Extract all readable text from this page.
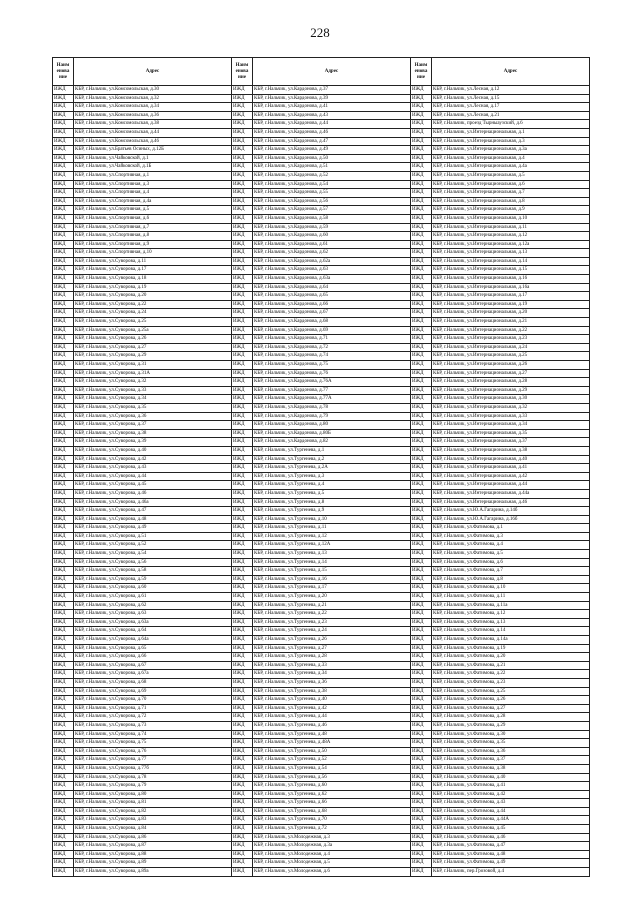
228
Наим енова ние	Адрес	Наим енова ние	Адрес	Наим енова ние	Адрес
ИЖД	КБР, г.Нальчик, ул.Комсомольская, д.30	ИЖД	КБР, г.Нальчик, ул.Кардонова, д.37	ИЖД	КБР, г.Нальчик, ул.Лесная, д.12
ИЖД	КБР, г.Нальчик, ул.Комсомольская, д.32	ИЖД	КБР, г.Нальчик, ул.Кардонова, д.39	ИЖД	КБР, г.Нальчик, ул.Лесная, д.15
ИЖД	КБР, г.Нальчик, ул.Комсомольская, д.34	ИЖД	КБР, г.Нальчик, ул.Кардонова, д.41	ИЖД	КБР, г.Нальчик, ул.Лесная, д.17
ИЖД	КБР, г.Нальчик, ул.Комсомольская, д.36	ИЖД	КБР, г.Нальчик, ул.Кардонова, д.43	ИЖД	КБР, г.Нальчик, ул.Лесная, д.21
ИЖД	КБР, г.Нальчик, ул.Комсомольская, д.38	ИЖД	КБР, г.Нальчик, ул.Кардонова, д.44	ИЖД	КБР, г.Нальчик, проезд Тырныаузский, д.6
ИЖД	КБР, г.Нальчик, ул.Комсомольская, д.44	ИЖД	КБР, г.Нальчик, ул.Кардонова, д.46	ИЖД	КБР, г.Нальчик, ул.Интернациональная, д.1
ИЖД	КБР, г.Нальчик, ул.Комсомольская, д.46	ИЖД	КБР, г.Нальчик, ул.Кардонова, д.47	ИЖД	КБР, г.Нальчик, ул.Интернациональная, д.3
ИЖД	КБР, г.Нальчик, ул.Братьев Осиных, д.12Б	ИЖД	КБР, г.Нальчик, ул.Кардонова, д.49	ИЖД	КБР, г.Нальчик, ул.Интернациональная, д.3а
ИЖД	КБР, г.Нальчик, ул.Чайковской, д.1	ИЖД	КБР, г.Нальчик, ул.Кардонова, д.50	ИЖД	КБР, г.Нальчик, ул.Интернациональная, д.4
ИЖД	КБР, г.Нальчик, ул.Чайковской, д.1Б	ИЖД	КБР, г.Нальчик, ул.Кардонова, д.51	ИЖД	КБР, г.Нальчик, ул.Интернациональная, д.4а
ИЖД	КБР, г.Нальчик, ул.Спортивная, д.1	ИЖД	КБР, г.Нальчик, ул.Кардонова, д.52	ИЖД	КБР, г.Нальчик, ул.Интернациональная, д.5
ИЖД	КБР, г.Нальчик, ул.Спортивная, д.3	ИЖД	КБР, г.Нальчик, ул.Кардонова, д.54	ИЖД	КБР, г.Нальчик, ул.Интернациональная, д.6
ИЖД	КБР, г.Нальчик, ул.Спортивная, д.4	ИЖД	КБР, г.Нальчик, ул.Кардонова, д.55	ИЖД	КБР, г.Нальчик, ул.Интернациональная, д.7
ИЖД	КБР, г.Нальчик, ул.Спортивная, д.4а	ИЖД	КБР, г.Нальчик, ул.Кардонова, д.56	ИЖД	КБР, г.Нальчик, ул.Интернациональная, д.8
ИЖД	КБР, г.Нальчик, ул.Спортивная, д.5	ИЖД	КБР, г.Нальчик, ул.Кардонова, д.57	ИЖД	КБР, г.Нальчик, ул.Интернациональная, д.9
ИЖД	КБР, г.Нальчик, ул.Спортивная, д.6	ИЖД	КБР, г.Нальчик, ул.Кардонова, д.58	ИЖД	КБР, г.Нальчик, ул.Интернациональная, д.10
ИЖД	КБР, г.Нальчик, ул.Спортивная, д.7	ИЖД	КБР, г.Нальчик, ул.Кардонова, д.59	ИЖД	КБР, г.Нальчик, ул.Интернациональная, д.11
ИЖД	КБР, г.Нальчик, ул.Спортивная, д.8	ИЖД	КБР, г.Нальчик, ул.Кардонова, д.60	ИЖД	КБР, г.Нальчик, ул.Интернациональная, д.12
ИЖД	КБР, г.Нальчик, ул.Спортивная, д.9	ИЖД	КБР, г.Нальчик, ул.Кардонова, д.61	ИЖД	КБР, г.Нальчик, ул.Интернациональная, д.12а
ИЖД	КБР, г.Нальчик, ул.Спортивная, д.10	ИЖД	КБР, г.Нальчик, ул.Кардонова, д.62	ИЖД	КБР, г.Нальчик, ул.Интернациональная, д.13
ИЖД	КБР, г.Нальчик, ул.Суворова, д.11	ИЖД	КБР, г.Нальчик, ул.Кардонова, д.62а	ИЖД	КБР, г.Нальчик, ул.Интернациональная, д.14
ИЖД	КБР, г.Нальчик, ул.Суворова, д.17	ИЖД	КБР, г.Нальчик, ул.Кардонова, д.63	ИЖД	КБР, г.Нальчик, ул.Интернациональная, д.15
ИЖД	КБР, г.Нальчик, ул.Суворова, д.18	ИЖД	КБР, г.Нальчик, ул.Кардонова, д.63а	ИЖД	КБР, г.Нальчик, ул.Интернациональная, д.16
ИЖД	КБР, г.Нальчик, ул.Суворова, д.19	ИЖД	КБР, г.Нальчик, ул.Кардонова, д.64	ИЖД	КБР, г.Нальчик, ул.Интернациональная, д.16а
ИЖД	КБР, г.Нальчик, ул.Суворова, д.20	ИЖД	КБР, г.Нальчик, ул.Кардонова, д.65	ИЖД	КБР, г.Нальчик, ул.Интернациональная, д.17
ИЖД	КБР, г.Нальчик, ул.Суворова, д.22	ИЖД	КБР, г.Нальчик, ул.Кардонова, д.66	ИЖД	КБР, г.Нальчик, ул.Интернациональная, д.19
ИЖД	КБР, г.Нальчик, ул.Суворова, д.24	ИЖД	КБР, г.Нальчик, ул.Кардонова, д.67	ИЖД	КБР, г.Нальчик, ул.Интернациональная, д.20
ИЖД	КБР, г.Нальчик, ул.Суворова, д.25	ИЖД	КБР, г.Нальчик, ул.Кардонова, д.68	ИЖД	КБР, г.Нальчик, ул.Интернациональная, д.21
ИЖД	КБР, г.Нальчик, ул.Суворова, д.25а	ИЖД	КБР, г.Нальчик, ул.Кардонова, д.69	ИЖД	КБР, г.Нальчик, ул.Интернациональная, д.22
ИЖД	КБР, г.Нальчик, ул.Суворова, д.26	ИЖД	КБР, г.Нальчик, ул.Кардонова, д.71	ИЖД	КБР, г.Нальчик, ул.Интернациональная, д.23
ИЖД	КБР, г.Нальчик, ул.Суворова, д.27	ИЖД	КБР, г.Нальчик, ул.Кардонова, д.72	ИЖД	КБР, г.Нальчик, ул.Интернациональная, д.24
ИЖД	КБР, г.Нальчик, ул.Суворова, д.29	ИЖД	КБР, г.Нальчик, ул.Кардонова, д.74	ИЖД	КБР, г.Нальчик, ул.Интернациональная, д.25
ИЖД	КБР, г.Нальчик, ул.Суворова, д.31	ИЖД	КБР, г.Нальчик, ул.Кардонова, д.75	ИЖД	КБР, г.Нальчик, ул.Интернациональная, д.26
ИЖД	КБР, г.Нальчик, ул.Суворова, д.31А	ИЖД	КБР, г.Нальчик, ул.Кардонова, д.76	ИЖД	КБР, г.Нальчик, ул.Интернациональная, д.27
ИЖД	КБР, г.Нальчик, ул.Суворова, д.32	ИЖД	КБР, г.Нальчик, ул.Кардонова, д.76А	ИЖД	КБР, г.Нальчик, ул.Интернациональная, д.28
ИЖД	КБР, г.Нальчик, ул.Суворова, д.33	ИЖД	КБР, г.Нальчик, ул.Кардонова, д.77	ИЖД	КБР, г.Нальчик, ул.Интернациональная, д.29
ИЖД	КБР, г.Нальчик, ул.Суворова, д.34	ИЖД	КБР, г.Нальчик, ул.Кардонова, д.77А	ИЖД	КБР, г.Нальчик, ул.Интернациональная, д.30
ИЖД	КБР, г.Нальчик, ул.Суворова, д.35	ИЖД	КБР, г.Нальчик, ул.Кардонова, д.78	ИЖД	КБР, г.Нальчик, ул.Интернациональная, д.32
ИЖД	КБР, г.Нальчик, ул.Суворова, д.36	ИЖД	КБР, г.Нальчик, ул.Кардонова, д.79	ИЖД	КБР, г.Нальчик, ул.Интернациональная, д.33
ИЖД	КБР, г.Нальчик, ул.Суворова, д.37	ИЖД	КБР, г.Нальчик, ул.Кардонова, д.80	ИЖД	КБР, г.Нальчик, ул.Интернациональная, д.34
ИЖД	КБР, г.Нальчик, ул.Суворова, д.38	ИЖД	КБР, г.Нальчик, ул.Кардонова, д.80Б	ИЖД	КБР, г.Нальчик, ул.Интернациональная, д.35
ИЖД	КБР, г.Нальчик, ул.Суворова, д.39	ИЖД	КБР, г.Нальчик, ул.Кардонова, д.82	ИЖД	КБР, г.Нальчик, ул.Интернациональная, д.37
ИЖД	КБР, г.Нальчик, ул.Суворова, д.40	ИЖД	КБР, г.Нальчик, ул.Тургенева, д.1	ИЖД	КБР, г.Нальчик, ул.Интернациональная, д.38
ИЖД	КБР, г.Нальчик, ул.Суворова, д.42	ИЖД	КБР, г.Нальчик, ул.Тургенева, д.2	ИЖД	КБР, г.Нальчик, ул.Интернациональная, д.40
ИЖД	КБР, г.Нальчик, ул.Суворова, д.43	ИЖД	КБР, г.Нальчик, ул.Тургенева, д.2А	ИЖД	КБР, г.Нальчик, ул.Интернациональная, д.41
ИЖД	КБР, г.Нальчик, ул.Суворова, д.44	ИЖД	КБР, г.Нальчик, ул.Тургенева, д.3	ИЖД	КБР, г.Нальчик, ул.Интернациональная, д.42
ИЖД	КБР, г.Нальчик, ул.Суворова, д.45	ИЖД	КБР, г.Нальчик, ул.Тургенева, д.4	ИЖД	КБР, г.Нальчик, ул.Интернациональная, д.44
ИЖД	КБР, г.Нальчик, ул.Суворова, д.46	ИЖД	КБР, г.Нальчик, ул.Тургенева, д.5	ИЖД	КБР, г.Нальчик, ул.Интернациональная, д.44а
ИЖД	КБР, г.Нальчик, ул.Суворова, д.46а	ИЖД	КБР, г.Нальчик, ул.Тургенева, д.8	ИЖД	КБР, г.Нальчик, ул.Интернациональная, д.46
ИЖД	КБР, г.Нальчик, ул.Суворова, д.47	ИЖД	КБР, г.Нальчик, ул.Тургенева, д.9	ИЖД	КБР, г.Нальчик, ул.Ю.А.Гагарина, д.14б
ИЖД	КБР, г.Нальчик, ул.Суворова, д.48	ИЖД	КБР, г.Нальчик, ул.Тургенева, д.10	ИЖД	КБР, г.Нальчик, ул.Ю.А.Гагарина, д.16б
ИЖД	КБР, г.Нальчик, ул.Суворова, д.49	ИЖД	КБР, г.Нальчик, ул.Тургенева, д.11	ИЖД	КБР, г.Нальчик, ул.Фатимова, д.1
ИЖД	КБР, г.Нальчик, ул.Суворова, д.51	ИЖД	КБР, г.Нальчик, ул.Тургенева, д.12	ИЖД	КБР, г.Нальчик, ул.Фатимова, д.3
ИЖД	КБР, г.Нальчик, ул.Суворова, д.52	ИЖД	КБР, г.Нальчик, ул.Тургенева, д.12А	ИЖД	КБР, г.Нальчик, ул.Фатимова, д.4
ИЖД	КБР, г.Нальчик, ул.Суворова, д.54	ИЖД	КБР, г.Нальчик, ул.Тургенева, д.13	ИЖД	КБР, г.Нальчик, ул.Фатимова, д.5
ИЖД	КБР, г.Нальчик, ул.Суворова, д.56	ИЖД	КБР, г.Нальчик, ул.Тургенева, д.14	ИЖД	КБР, г.Нальчик, ул.Фатимова, д.6
ИЖД	КБР, г.Нальчик, ул.Суворова, д.58	ИЖД	КБР, г.Нальчик, ул.Тургенева, д.15	ИЖД	КБР, г.Нальчик, ул.Фатимова, д.7
ИЖД	КБР, г.Нальчик, ул.Суворова, д.59	ИЖД	КБР, г.Нальчик, ул.Тургенева, д.16	ИЖД	КБР, г.Нальчик, ул.Фатимова, д.8
ИЖД	КБР, г.Нальчик, ул.Суворова, д.60	ИЖД	КБР, г.Нальчик, ул.Тургенева, д.17	ИЖД	КБР, г.Нальчик, ул.Фатимова, д.10
ИЖД	КБР, г.Нальчик, ул.Суворова, д.61	ИЖД	КБР, г.Нальчик, ул.Тургенева, д.20	ИЖД	КБР, г.Нальчик, ул.Фатимова, д.11
ИЖД	КБР, г.Нальчик, ул.Суворова, д.62	ИЖД	КБР, г.Нальчик, ул.Тургенева, д.21	ИЖД	КБР, г.Нальчик, ул.Фатимова, д.11а
ИЖД	КБР, г.Нальчик, ул.Суворова, д.63	ИЖД	КБР, г.Нальчик, ул.Тургенева, д.22	ИЖД	КБР, г.Нальчик, ул.Фатимова, д.12
ИЖД	КБР, г.Нальчик, ул.Суворова, д.63а	ИЖД	КБР, г.Нальчик, ул.Тургенева, д.23	ИЖД	КБР, г.Нальчик, ул.Фатимова, д.13
ИЖД	КБР, г.Нальчик, ул.Суворова, д.64	ИЖД	КБР, г.Нальчик, ул.Тургенева, д.24	ИЖД	КБР, г.Нальчик, ул.Фатимова, д.14
ИЖД	КБР, г.Нальчик, ул.Суворова, д.64а	ИЖД	КБР, г.Нальчик, ул.Тургенева, д.26	ИЖД	КБР, г.Нальчик, ул.Фатимова, д.14а
ИЖД	КБР, г.Нальчик, ул.Суворова, д.65	ИЖД	КБР, г.Нальчик, ул.Тургенева, д.27	ИЖД	КБР, г.Нальчик, ул.Фатимова, д.19
ИЖД	КБР, г.Нальчик, ул.Суворова, д.66	ИЖД	КБР, г.Нальчик, ул.Тургенева, д.28	ИЖД	КБР, г.Нальчик, ул.Фатимова, д.20
ИЖД	КБР, г.Нальчик, ул.Суворова, д.67	ИЖД	КБР, г.Нальчик, ул.Тургенева, д.33	ИЖД	КБР, г.Нальчик, ул.Фатимова, д.21
ИЖД	КБР, г.Нальчик, ул.Суворова, д.67а	ИЖД	КБР, г.Нальчик, ул.Тургенева, д.34	ИЖД	КБР, г.Нальчик, ул.Фатимова, д.22
ИЖД	КБР, г.Нальчик, ул.Суворова, д.68	ИЖД	КБР, г.Нальчик, ул.Тургенева, д.36	ИЖД	КБР, г.Нальчик, ул.Фатимова, д.23
ИЖД	КБР, г.Нальчик, ул.Суворова, д.69	ИЖД	КБР, г.Нальчик, ул.Тургенева, д.38	ИЖД	КБР, г.Нальчик, ул.Фатимова, д.25
ИЖД	КБР, г.Нальчик, ул.Суворова, д.70	ИЖД	КБР, г.Нальчик, ул.Тургенева, д.40	ИЖД	КБР, г.Нальчик, ул.Фатимова, д.26
ИЖД	КБР, г.Нальчик, ул.Суворова, д.71	ИЖД	КБР, г.Нальчик, ул.Тургенева, д.42	ИЖД	КБР, г.Нальчик, ул.Фатимова, д.27
ИЖД	КБР, г.Нальчик, ул.Суворова, д.72	ИЖД	КБР, г.Нальчик, ул.Тургенева, д.44	ИЖД	КБР, г.Нальчик, ул.Фатимова, д.28
ИЖД	КБР, г.Нальчик, ул.Суворова, д.73	ИЖД	КБР, г.Нальчик, ул.Тургенева, д.46	ИЖД	КБР, г.Нальчик, ул.Фатимова, д.29
ИЖД	КБР, г.Нальчик, ул.Суворова, д.74	ИЖД	КБР, г.Нальчик, ул.Тургенева, д.48	ИЖД	КБР, г.Нальчик, ул.Фатимова, д.30
ИЖД	КБР, г.Нальчик, ул.Суворова, д.75	ИЖД	КБР, г.Нальчик, ул.Тургенева, д.48А	ИЖД	КБР, г.Нальчик, ул.Фатимова, д.35
ИЖД	КБР, г.Нальчик, ул.Суворова, д.76	ИЖД	КБР, г.Нальчик, ул.Тургенева, д.50	ИЖД	КБР, г.Нальчик, ул.Фатимова, д.36
ИЖД	КБР, г.Нальчик, ул.Суворова, д.77	ИЖД	КБР, г.Нальчик, ул.Тургенева, д.52	ИЖД	КБР, г.Нальчик, ул.Фатимова, д.37
ИЖД	КБР, г.Нальчик, ул.Суворова, д.77б	ИЖД	КБР, г.Нальчик, ул.Тургенева, д.54	ИЖД	КБР, г.Нальчик, ул.Фатимова, д.38
ИЖД	КБР, г.Нальчик, ул.Суворова, д.78	ИЖД	КБР, г.Нальчик, ул.Тургенева, д.56	ИЖД	КБР, г.Нальчик, ул.Фатимова, д.40
ИЖД	КБР, г.Нальчик, ул.Суворова, д.79	ИЖД	КБР, г.Нальчик, ул.Тургенева, д.60	ИЖД	КБР, г.Нальчик, ул.Фатимова, д.41
ИЖД	КБР, г.Нальчик, ул.Суворова, д.80	ИЖД	КБР, г.Нальчик, ул.Тургенева, д.62	ИЖД	КБР, г.Нальчик, ул.Фатимова, д.42
ИЖД	КБР, г.Нальчик, ул.Суворова, д.81	ИЖД	КБР, г.Нальчик, ул.Тургенева, д.66	ИЖД	КБР, г.Нальчик, ул.Фатимова, д.43
ИЖД	КБР, г.Нальчик, ул.Суворова, д.82	ИЖД	КБР, г.Нальчик, ул.Тургенева, д.68	ИЖД	КБР, г.Нальчик, ул.Фатимова, д.44
ИЖД	КБР, г.Нальчик, ул.Суворова, д.83	ИЖД	КБР, г.Нальчик, ул.Тургенева, д.70	ИЖД	КБР, г.Нальчик, ул.Фатимова, д.44А
ИЖД	КБР, г.Нальчик, ул.Суворова, д.84	ИЖД	КБР, г.Нальчик, ул.Тургенева, д.72	ИЖД	КБР, г.Нальчик, ул.Фатимова, д.45
ИЖД	КБР, г.Нальчик, ул.Суворова, д.86	ИЖД	КБР, г.Нальчик, ул.Молодежная, д.3	ИЖД	КБР, г.Нальчик, ул.Фатимова, д.46
ИЖД	КБР, г.Нальчик, ул.Суворова, д.87	ИЖД	КБР, г.Нальчик, ул.Молодежная, д.3а	ИЖД	КБР, г.Нальчик, ул.Фатимова, д.47
ИЖД	КБР, г.Нальчик, ул.Суворова, д.88	ИЖД	КБР, г.Нальчик, ул.Молодежная, д.4	ИЖД	КБР, г.Нальчик, ул.Фатимова, д.48
ИЖД	КБР, г.Нальчик, ул.Суворова, д.89	ИЖД	КБР, г.Нальчик, ул.Молодежная, д.5	ИЖД	КБР, г.Нальчик, ул.Фатимова, д.49
ИЖД	КБР, г.Нальчик, ул.Суворова, д.89а	ИЖД	КБР, г.Нальчик, ул.Молодежная, д.6	ИЖД	КБР, г.Нальчик, пер.Грозовой, д.4
